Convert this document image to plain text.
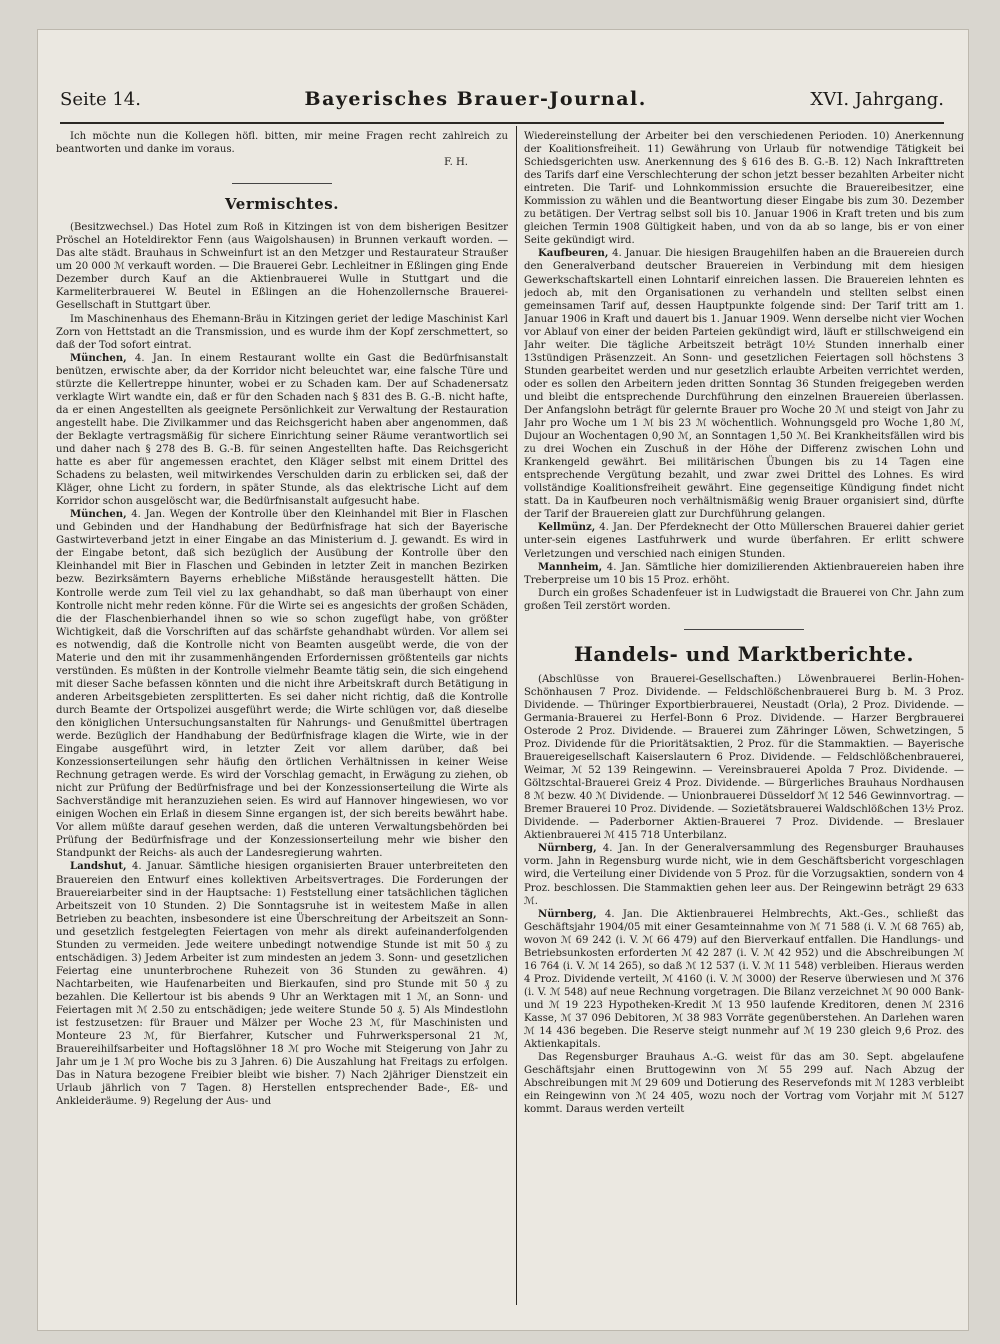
Seite 14.	Bayerisches Brauer-Journal.	XVI. Jahrgang.

Ich möchte nun die Kollegen höfl. bitten, mir meine Fragen recht zahlreich zu beantworten und danke im voraus.

F. H.
Vermischtes.

(Besitzwechsel.) Das Hotel zum Roß in Kitzingen ist von dem bisherigen Besitzer Pröschel an Hoteldirektor Fenn (aus Waigolshausen) in Brunnen verkauft worden. — Das alte städt. Brauhaus in Schweinfurt ist an den Metzger und Restaurateur Straußer um 20 000 ℳ verkauft worden. — Die Brauerei Gebr. Lechleitner in Eßlingen ging Ende Dezember durch Kauf an die Aktienbrauerei Wulle in Stuttgart und die Karmeliterbrauerei W. Beutel in Eßlingen an die Hohenzollernsche Brauerei-Gesellschaft in Stuttgart über.

Im Maschinenhaus des Ehemann-Bräu in Kitzingen geriet der ledige Maschinist Karl Zorn von Hettstadt an die Transmission, und es wurde ihm der Kopf zerschmettert, so daß der Tod sofort eintrat.

München, 4. Jan. In einem Restaurant wollte ein Gast die Bedürfnisanstalt benützen, erwischte aber, da der Korridor nicht beleuchtet war, eine falsche Türe und stürzte die Kellertreppe hinunter, wobei er zu Schaden kam. Der auf Schadenersatz verklagte Wirt wandte ein, daß er für den Schaden nach § 831 des B. G.-B. nicht hafte, da er einen Angestellten als geeignete Persönlichkeit zur Verwaltung der Restauration angestellt habe. Die Zivilkammer und das Reichsgericht haben aber angenommen, daß der Beklagte vertragsmäßig für sichere Einrichtung seiner Räume verantwortlich sei und daher nach § 278 des B. G.-B. für seinen Angestellten hafte. Das Reichsgericht hatte es aber für angemessen erachtet, den Kläger selbst mit einem Drittel des Schadens zu belasten, weil mitwirkendes Verschulden darin zu erblicken sei, daß der Kläger, ohne Licht zu fordern, in später Stunde, als das elektrische Licht auf dem Korridor schon ausgelöscht war, die Bedürfnisanstalt aufgesucht habe.

München, 4. Jan. Wegen der Kontrolle über den Kleinhandel mit Bier in Flaschen und Gebinden und der Handhabung der Bedürfnisfrage hat sich der Bayerische Gastwirteverband jetzt in einer Eingabe an das Ministerium d. J. gewandt. Es wird in der Eingabe betont, daß sich bezüglich der Ausübung der Kontrolle über den Kleinhandel mit Bier in Flaschen und Gebinden in letzter Zeit in manchen Bezirken bezw. Bezirksämtern Bayerns erhebliche Mißstände herausgestellt hätten. Die Kontrolle werde zum Teil viel zu lax gehandhabt, so daß man überhaupt von einer Kontrolle nicht mehr reden könne. Für die Wirte sei es angesichts der großen Schäden, die der Flaschenbierhandel ihnen so wie so schon zugefügt habe, von größter Wichtigkeit, daß die Vorschriften auf das schärfste gehandhabt würden. Vor allem sei es notwendig, daß die Kontrolle nicht von Beamten ausgeübt werde, die von der Materie und den mit ihr zusammenhängenden Erfordernissen größtenteils gar nichts verstünden. Es müßten in der Kontrolle vielmehr Beamte tätig sein, die sich eingehend mit dieser Sache befassen könnten und die nicht ihre Arbeitskraft durch Betätigung in anderen Arbeitsgebieten zersplitterten. Es sei daher nicht richtig, daß die Kontrolle durch Beamte der Ortspolizei ausgeführt werde; die Wirte schlügen vor, daß dieselbe den königlichen Untersuchungsanstalten für Nahrungs- und Genußmittel übertragen werde. Bezüglich der Handhabung der Bedürfnisfrage klagen die Wirte, wie in der Eingabe ausgeführt wird, in letzter Zeit vor allem darüber, daß bei Konzessionserteilungen sehr häufig den örtlichen Verhältnissen in keiner Weise Rechnung getragen werde. Es wird der Vorschlag gemacht, in Erwägung zu ziehen, ob nicht zur Prüfung der Bedürfnisfrage und bei der Konzessionserteilung die Wirte als Sachverständige mit heranzuziehen seien. Es wird auf Hannover hingewiesen, wo vor einigen Wochen ein Erlaß in diesem Sinne ergangen ist, der sich bereits bewährt habe. Vor allem müßte darauf gesehen werden, daß die unteren Verwaltungsbehörden bei Prüfung der Bedürfnisfrage und der Konzessionserteilung mehr wie bisher den Standpunkt der Reichs- als auch der Landesregierung wahrten.

Landshut, 4. Januar. Sämtliche hiesigen organisierten Brauer unterbreiteten den Brauereien den Entwurf eines kollektiven Arbeitsvertrages. Die Forderungen der Brauereiarbeiter sind in der Hauptsache: 1) Feststellung einer tatsächlichen täglichen Arbeitszeit von 10 Stunden. 2) Die Sonntagsruhe ist in weitestem Maße in allen Betrieben zu beachten, insbesondere ist eine Überschreitung der Arbeitszeit an Sonn- und gesetzlich festgelegten Feiertagen von mehr als direkt aufeinanderfolgenden Stunden zu vermeiden. Jede weitere unbedingt notwendige Stunde ist mit 50 ₰ zu entschädigen. 3) Jedem Arbeiter ist zum mindesten an jedem 3. Sonn- und gesetzlichen Feiertag eine ununterbrochene Ruhezeit von 36 Stunden zu gewähren. 4) Nachtarbeiten, wie Haufenarbeiten und Bierkaufen, sind pro Stunde mit 50 ₰ zu bezahlen. Die Kellertour ist bis abends 9 Uhr an Werktagen mit 1 ℳ, an Sonn- und Feiertagen mit ℳ 2.50 zu entschädigen; jede weitere Stunde 50 ₰. 5) Als Mindestlohn ist festzusetzen: für Brauer und Mälzer per Woche 23 ℳ, für Maschinisten und Monteure 23 ℳ, für Bierfahrer, Kutscher und Fuhrwerkspersonal 21 ℳ, Brauereihilfsarbeiter und Hoftagslöhner 18 ℳ pro Woche mit Steigerung von Jahr zu Jahr um je 1 ℳ pro Woche bis zu 3 Jahren. 6) Die Auszahlung hat Freitags zu erfolgen. Das in Natura bezogene Freibier bleibt wie bisher. 7) Nach 2jähriger Dienstzeit ein Urlaub jährlich von 7 Tagen. 8) Herstellen entsprechender Bade-, Eß- und Ankleideräume. 9) Regelung der Aus- und

Wiedereinstellung der Arbeiter bei den verschiedenen Perioden. 10) Anerkennung der Koalitionsfreiheit. 11) Gewährung von Urlaub für notwendige Tätigkeit bei Schiedsgerichten usw. Anerkennung des § 616 des B. G.-B. 12) Nach Inkrafttreten des Tarifs darf eine Verschlechterung der schon jetzt besser bezahlten Arbeiter nicht eintreten. Die Tarif- und Lohnkommission ersuchte die Brauereibesitzer, eine Kommission zu wählen und die Beantwortung dieser Eingabe bis zum 30. Dezember zu betätigen. Der Vertrag selbst soll bis 10. Januar 1906 in Kraft treten und bis zum gleichen Termin 1908 Gültigkeit haben, und von da ab so lange, bis er von einer Seite gekündigt wird.

Kaufbeuren, 4. Januar. Die hiesigen Braugehilfen haben an die Brauereien durch den Generalverband deutscher Brauereien in Verbindung mit dem hiesigen Gewerkschaftskartell einen Lohntarif einreichen lassen. Die Brauereien lehnten es jedoch ab, mit den Organisationen zu verhandeln und stellten selbst einen gemeinsamen Tarif auf, dessen Hauptpunkte folgende sind: Der Tarif tritt am 1. Januar 1906 in Kraft und dauert bis 1. Januar 1909. Wenn derselbe nicht vier Wochen vor Ablauf von einer der beiden Parteien gekündigt wird, läuft er stillschweigend ein Jahr weiter. Die tägliche Arbeitszeit beträgt 10½ Stunden innerhalb einer 13stündigen Präsenzzeit. An Sonn- und gesetzlichen Feiertagen soll höchstens 3 Stunden gearbeitet werden und nur gesetzlich erlaubte Arbeiten verrichtet werden, oder es sollen den Arbeitern jeden dritten Sonntag 36 Stunden freigegeben werden und bleibt die entsprechende Durchführung den einzelnen Brauereien überlassen. Der Anfangslohn beträgt für gelernte Brauer pro Woche 20 ℳ und steigt von Jahr zu Jahr pro Woche um 1 ℳ bis 23 ℳ wöchentlich. Wohnungsgeld pro Woche 1,80 ℳ, Dujour an Wochentagen 0,90 ℳ, an Sonntagen 1,50 ℳ. Bei Krankheitsfällen wird bis zu drei Wochen ein Zuschuß in der Höhe der Differenz zwischen Lohn und Krankengeld gewährt. Bei militärischen Übungen bis zu 14 Tagen eine entsprechende Vergütung bezahlt, und zwar zwei Drittel des Lohnes. Es wird vollständige Koalitionsfreiheit gewährt. Eine gegenseitige Kündigung findet nicht statt. Da in Kaufbeuren noch verhältnismäßig wenig Brauer organisiert sind, dürfte der Tarif der Brauereien glatt zur Durchführung gelangen.

Kellmünz, 4. Jan. Der Pferdeknecht der Otto Müllerschen Brauerei dahier geriet unter-sein eigenes Lastfuhrwerk und wurde überfahren. Er erlitt schwere Verletzungen und verschied nach einigen Stunden.

Mannheim, 4. Jan. Sämtliche hier domizilierenden Aktienbrauereien haben ihre Treberpreise um 10 bis 15 Proz. erhöht.

Durch ein großes Schadenfeuer ist in Ludwigstadt die Brauerei von Chr. Jahn zum großen Teil zerstört worden.

Handels- und Marktberichte.

(Abschlüsse von Brauerei-Gesellschaften.) Löwenbrauerei Berlin-Hohen-Schönhausen 7 Proz. Dividende. — Feldschlößchenbrauerei Burg b. M. 3 Proz. Dividende. — Thüringer Exportbierbrauerei, Neustadt (Orla), 2 Proz. Dividende. — Germania-Brauerei zu Herfel-Bonn 6 Proz. Dividende. — Harzer Bergbrauerei Osterode 2 Proz. Dividende. — Brauerei zum Zähringer Löwen, Schwetzingen, 5 Proz. Dividende für die Prioritätsaktien, 2 Proz. für die Stammaktien. — Bayerische Brauereigesellschaft Kaiserslautern 6 Proz. Dividende. — Feldschlößchenbrauerei, Weimar, ℳ 52 139 Reingewinn. — Vereinsbrauerei Apolda 7 Proz. Dividende. — Göltzschtal-Brauerei Greiz 4 Proz. Dividende. — Bürgerliches Brauhaus Nordhausen 8 ℳ bezw. 40 ℳ Dividende. — Unionbrauerei Düsseldorf ℳ 12 546 Gewinnvortrag. — Bremer Brauerei 10 Proz. Dividende. — Sozietätsbrauerei Waldschlößchen 13½ Proz. Dividende. — Paderborner Aktien-Brauerei 7 Proz. Dividende. — Breslauer Aktienbrauerei ℳ 415 718 Unterbilanz.

Nürnberg, 4. Jan. In der Generalversammlung des Regensburger Brauhauses vorm. Jahn in Regensburg wurde nicht, wie in dem Geschäftsbericht vorgeschlagen wird, die Verteilung einer Dividende von 5 Proz. für die Vorzugsaktien, sondern von 4 Proz. beschlossen. Die Stammaktien gehen leer aus. Der Reingewinn beträgt 29 633 ℳ.

Nürnberg, 4. Jan. Die Aktienbrauerei Helmbrechts, Akt.-Ges., schließt das Geschäftsjahr 1904/05 mit einer Gesamteinnahme von ℳ 71 588 (i. V. ℳ 68 765) ab, wovon ℳ 69 242 (i. V. ℳ 66 479) auf den Bierverkauf entfallen. Die Handlungs- und Betriebsunkosten erforderten ℳ 42 287 (i. V. ℳ 42 952) und die Abschreibungen ℳ 16 764 (i. V. ℳ 14 265), so daß ℳ 12 537 (i. V. ℳ 11 548) verbleiben. Hieraus werden 4 Proz. Dividende verteilt, ℳ 4160 (i. V. ℳ 3000) der Reserve überwiesen und ℳ 376 (i. V. ℳ 548) auf neue Rechnung vorgetragen. Die Bilanz verzeichnet ℳ 90 000 Bank- und ℳ 19 223 Hypotheken-Kredit ℳ 13 950 laufende Kreditoren, denen ℳ 2316 Kasse, ℳ 37 096 Debitoren, ℳ 38 983 Vorräte gegenüberstehen. An Darlehen waren ℳ 14 436 begeben. Die Reserve steigt nunmehr auf ℳ 19 230 gleich 9,6 Proz. des Aktienkapitals.

Das Regensburger Brauhaus A.-G. weist für das am 30. Sept. abgelaufene Geschäftsjahr einen Bruttogewinn von ℳ 55 299 auf. Nach Abzug der Abschreibungen mit ℳ 29 609 und Dotierung des Reservefonds mit ℳ 1283 verbleibt ein Reingewinn von ℳ 24 405, wozu noch der Vortrag vom Vorjahr mit ℳ 5127 kommt. Daraus werden verteilt
